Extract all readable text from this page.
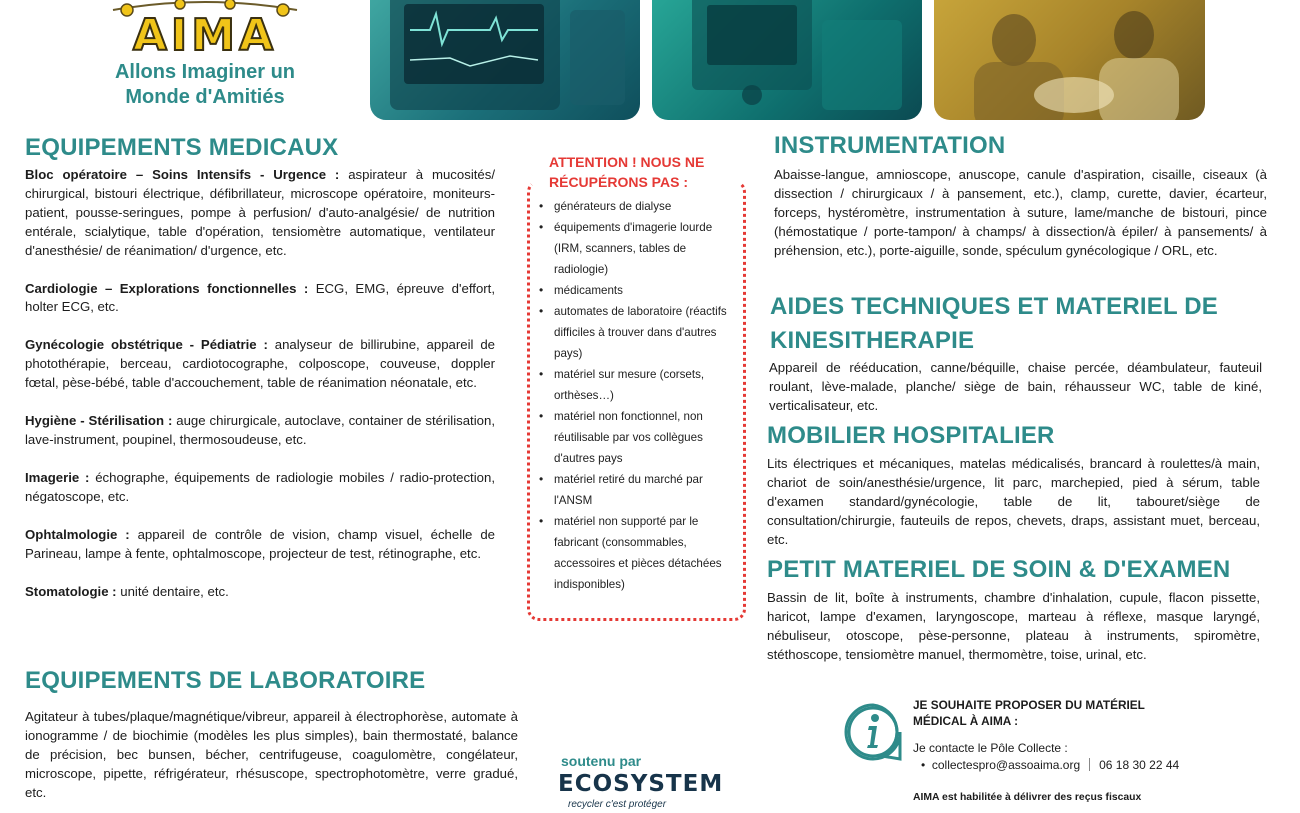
AIMA
Allons Imaginer un
Monde d'Amitiés
EQUIPEMENTS MEDICAUX

Bloc opératoire – Soins Intensifs - Urgence : aspirateur à mucosités/ chirurgical, bistouri électrique, défibrillateur, microscope opératoire, moniteurs-patient, pousse-seringues, pompe à perfusion/ d'auto-analgésie/ de nutrition entérale, scialytique, table d'opération, tensiomètre automatique, ventilateur d'anesthésie/ de réanimation/ d'urgence, etc.

Cardiologie – Explorations fonctionnelles : ECG, EMG, épreuve d'effort, holter ECG, etc.

Gynécologie obstétrique - Pédiatrie : analyseur de billirubine, appareil de photothérapie, berceau, cardiotocographe, colposcope, couveuse, doppler fœtal, pèse-bébé, table d'accouchement, table de réanimation néonatale, etc.

Hygiène - Stérilisation : auge chirurgicale, autoclave, container de stérilisation, lave-instrument, poupinel, thermosoudeuse, etc.

Imagerie : échographe, équipements de radiologie mobiles / radio-protection, négatoscope, etc.

Ophtalmologie : appareil de contrôle de vision, champ visuel, échelle de Parineau, lampe à fente, ophtalmoscope, projecteur de test, rétinographe, etc.

Stomatologie : unité dentaire, etc.

EQUIPEMENTS DE LABORATOIRE

Agitateur à tubes/plaque/magnétique/vibreur, appareil à électrophorèse, automate à ionogramme / de biochimie (modèles les plus simples), bain thermostaté, balance de précision, bec bunsen, bécher, centrifugeuse, coagulomètre, congélateur, microscope, pipette, réfrigérateur, rhésuscope, spectrophotomètre, verre gradué, etc.

ATTENTION ! NOUS NE
RÉCUPÉRONS PAS :
• générateurs de dialyse
• équipements d'imagerie lourde (IRM, scanners, tables de radiologie)
• médicaments
• automates de laboratoire (réactifs difficiles à trouver dans d'autres pays)
• matériel sur mesure (corsets, orthèses…)
• matériel non fonctionnel, non réutilisable par vos collègues d'autres pays
• matériel retiré du marché par l'ANSM
• matériel non supporté par le fabricant (consommables, accessoires et pièces détachées indisponibles)
INSTRUMENTATION

Abaisse-langue, amnioscope, anuscope, canule d'aspiration, cisaille, ciseaux (à dissection / chirurgicaux / à pansement, etc.), clamp, curette, davier, écarteur, forceps, hystéromètre, instrumentation à suture, lame/manche de bistouri, pince (hémostatique / porte-tampon/ à champs/ à dissection/à épiler/ à pansements/ à préhension, etc.), porte-aiguille, sonde, spéculum gynécologique / ORL, etc.

AIDES TECHNIQUES ET MATERIEL DE
KINESITHERAPIE

Appareil de rééducation, canne/béquille, chaise percée, déambulateur, fauteuil roulant, lève-malade, planche/ siège de bain, réhausseur WC, table de kiné, verticalisateur, etc.

MOBILIER HOSPITALIER

Lits électriques et mécaniques, matelas médicalisés, brancard à roulettes/à main, chariot de soin/anesthésie/urgence, lit parc, marchepied, pied à sérum, table d'examen standard/gynécologie, table de lit, tabouret/siège de consultation/chirurgie, fauteuils de repos, chevets, draps, assistant muet, berceau, etc.

PETIT MATERIEL DE SOIN & D'EXAMEN

Bassin de lit, boîte à instruments, chambre d'inhalation, cupule, flacon pissette, haricot, lampe d'examen, laryngoscope, marteau à réflexe, masque laryngé, nébuliseur, otoscope, pèse-personne, plateau à instruments, spiromètre, stéthoscope, tensiomètre manuel, thermomètre, toise, urinal, etc.

soutenu par
ECOSYSTEM
recycler c'est protéger
JE SOUHAITE PROPOSER DU MATÉRIEL
MÉDICAL À AIMA :
Je contacte le Pôle Collecte :
•  collectespro@assoaima.org 06 18 30 22 44
AIMA est habilitée à délivrer des reçus fiscaux
